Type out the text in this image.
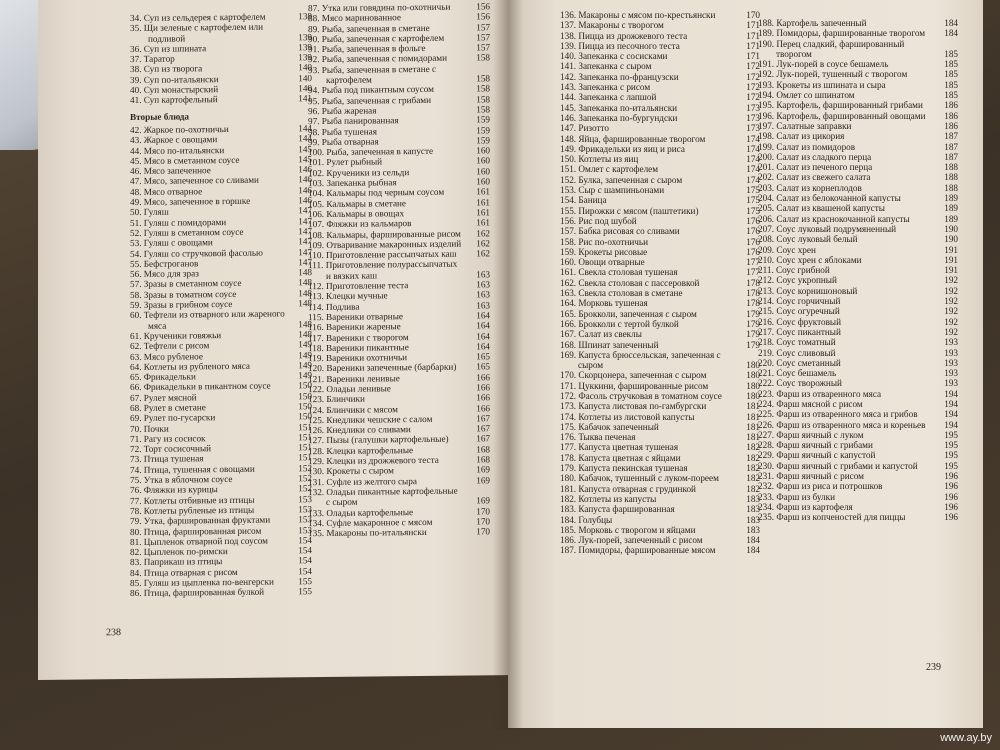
34. Суп из сельдерея с картофелем	138
35. Щи зеленые с картофелем или подливой	139
36. Суп из шпината	139
37. Таратор	139
38. Суп из творога	140
39. Суп по-итальянски	140
40. Суп монастырский	140
41. Суп картофельный	141
Вторые блюда
42. Жаркое по-охотничьи	144
43. Жаркое с овощами	144
44. Мясо по-итальянски	145
45. Мясо в сметанном соусе	145
46. Мясо запеченное	146
47. Мясо, запеченное со сливами	146
48. Мясо отварное	146
49. Мясо, запеченное в горшке	146
50. Гуляш	147
51. Гуляш с помидорами	147
52. Гуляш в сметанном соусе	147
53. Гуляш с овощами	147
54. Гуляш со стручковой фасолью	147
55. Бефстроганов	147
56. Мясо для зраз	148
57. Зразы в сметанном соусе	148
58. Зразы в томатном соусе	148
59. Зразы в грибном соусе	148
60. Тефтели из отварного или жареного мяса	148
61. Крученики говяжьи	148
62. Тефтели с рисом	149
63. Мясо рубленое	149
64. Котлеты из рубленого мяса	149
65. Фрикадельки	149
66. Фрикадельки в пикантном соусе	150
67. Рулет мясной	150
68. Рулет в сметане	150
69. Рулет по-гусарски	150
70. Почки	151
71. Рагу из сосисок	151
72. Торт сосисочный	151
73. Птица тушеная	151
74. Птица, тушенная с овощами	152
75. Утка в яблочном соусе	152
76. Фляжки из курицы	152
77. Котлеты отбивные из птицы	153
78. Котлеты рубленые из птицы	153
79. Утка, фаршированная фруктами	153
80. Птица, фаршированная рисом	153
81. Цыпленок отварной под соусом	154
82. Цыпленок по-римски	154
83. Паприкаш из птицы	154
84. Птица отварная с рисом	154
85. Гуляш из цыпленка по-венгерски	155
86. Птица, фаршированная булкой	155
87. Утка или говядина по-охотничьи	156
88. Мясо маринованное	156
89. Рыба, запеченная в сметане	157
90. Рыба, запеченная с картофелем	157
91. Рыба, запеченная в фольге	157
92. Рыба, запеченная с помидорами	158
93. Рыба, запеченная в сметане с картофелем	158
94. Рыба под пикантным соусом	158
95. Рыба, запеченная с грибами	158
96. Рыба жареная	158
97. Рыба панированная	159
98. Рыба тушеная	159
99. Рыба отварная	159
100. Рыба, запеченная в капусте	160
101. Рулет рыбный	160
102. Крученики из сельди	160
103. Запеканка рыбная	160
104. Кальмары под черным соусом	161
105. Кальмары в сметане	161
106. Кальмары в овощах	161
107. Фляжки из кальмаров	161
108. Кальмары, фаршированные рисом	162
109. Отваривание макаронных изделий	162
110. Приготовление рассыпчатых каш	162
111. Приготовление полурассыпчатых и вязких каш	163
112. Приготовление теста	163
113. Клецки мучные	163
114. Подлива	163
115. Вареники отварные	164
116. Вареники жареные	164
117. Вареники с творогом	164
118. Вареники пикантные	164
119. Вареники охотничьи	165
120. Вареники запеченные (барбарки)	165
121. Вареники ленивые	166
122. Оладьи ленивые	166
123. Блинчики	166
124. Блинчики с мясом	166
125. Кнедлики чешские с салом	167
126. Кнедлики со сливами	167
127. Пызы (галушки картофельные)	167
128. Клецки картофельные	168
129. Клецки из дрожжевого теста	168
130. Крокеты с сыром	169
131. Суфле из желтого сыра	169
132. Оладьи пикантные картофельные с сыром	169
133. Оладьи картофельные	170
134. Суфле макаронное с мясом	170
135. Макароны по-итальянски	170
238
136. Макароны с мясом по-крестьянски	170
137. Макароны с творогом	171
138. Пицца из дрожжевого теста	171
139. Пицца из песочного теста	171
140. Запеканка с сосисками	171
141. Запеканка с сыром	172
142. Запеканка по-французски	172
143. Запеканка с рисом	172
144. Запеканка с лапшой	172
145. Запеканка по-итальянски	173
146. Запеканка по-бургундски	173
147. Ризотто	173
148. Яйца, фаршированные творогом	174
149. Фрикадельки из яиц и риса	174
150. Котлеты из яиц	174
151. Омлет с картофелем	174
152. Булка, запеченная с сыром	174
153. Сыр с шампиньонами	175
154. Баница	175
155. Пирожки с мясом (паштетики)	175
156. Рис под шубой	176
157. Бабка рисовая со сливами	176
158. Рис по-охотничьи	176
159. Крокеты рисовые	176
160. Овощи отварные	177
161. Свекла столовая тушеная	177
162. Свекла столовая с пассеровкой	178
163. Свекла столовая в сметане	178
164. Морковь тушеная	178
165. Брокколи, запеченная с сыром	179
166. Брокколи с тертой булкой	179
167. Салат из свеклы	179
168. Шпинат запеченный	179
169. Капуста брюссельская, запеченная с сыром	180
170. Скорцонера, запеченная с сыром	180
171. Цуккини, фаршированные рисом	180
172. Фасоль стручковая в томатном соусе	180
173. Капуста листовая по-гамбургски	181
174. Котлеты из листовой капусты	181
175. Кабачок запеченный	181
176. Тыква печеная	181
177. Капуста цветная тушеная	182
178. Капуста цветная с яйцами	182
179. Капуста пекинская тушеная	182
180. Кабачок, тушенный с луком-пореем	182
181. Капуста отварная с грудинкой	182
182. Котлеты из капусты	183
183. Капуста фаршированная	183
184. Голубцы	183
185. Морковь с творогом и яйцами	183
186. Лук-порей, запеченный с рисом	184
187. Помидоры, фаршированные мясом	184
188. Картофель запеченный	184
189. Помидоры, фаршированные творогом	184
190. Перец сладкий, фаршированный творогом	185
191. Лук-порей в соусе бешамель	185
192. Лук-порей, тушенный с творогом	185
193. Крокеты из шпината и сыра	185
194. Омлет со шпинатом	185
195. Картофель, фаршированный грибами	186
196. Картофель, фаршированный овощами	186
197. Салатные заправки	186
198. Салат из цикория	187
199. Салат из помидоров	187
200. Салат из сладкого перца	187
201. Салат из печеного перца	188
202. Салат из свежего салата	188
203. Салат из корнеплодов	188
204. Салат из белокочанной капусты	189
205. Салат из квашеной капусты	189
206. Салат из краснокочанной капусты	189
207. Соус луковый подрумяненный	190
208. Соус луковый белый	190
209. Соус хрен	191
210. Соус хрен с яблоками	191
211. Соус грибной	191
212. Соус укропный	192
213. Соус корнишоновый	192
214. Соус горчичный	192
215. Соус огуречный	192
216. Соус фруктовый	192
217. Соус пикантный	192
218. Соус томатный	193
219. Соус сливовый	193
220. Соус сметанный	193
221. Соус бешамель	193
222. Соус творожный	193
223. Фарш из отваренного мяса	194
224. Фарш мясной с рисом	194
225. Фарш из отваренного мяса и грибов	194
226. Фарш из отваренного мяса и кореньев	194
227. Фарш яичный с луком	195
228. Фарш яичный с грибами	195
229. Фарш яичный с капустой	195
230. Фарш яичный с грибами и капустой	195
231. Фарш яичный с рисом	196
232. Фарш из риса и потрошков	196
233. Фарш из булки	196
234. Фарш из картофеля	196
235. Фарш из копченостей для пиццы	196
239
www.ay.by
